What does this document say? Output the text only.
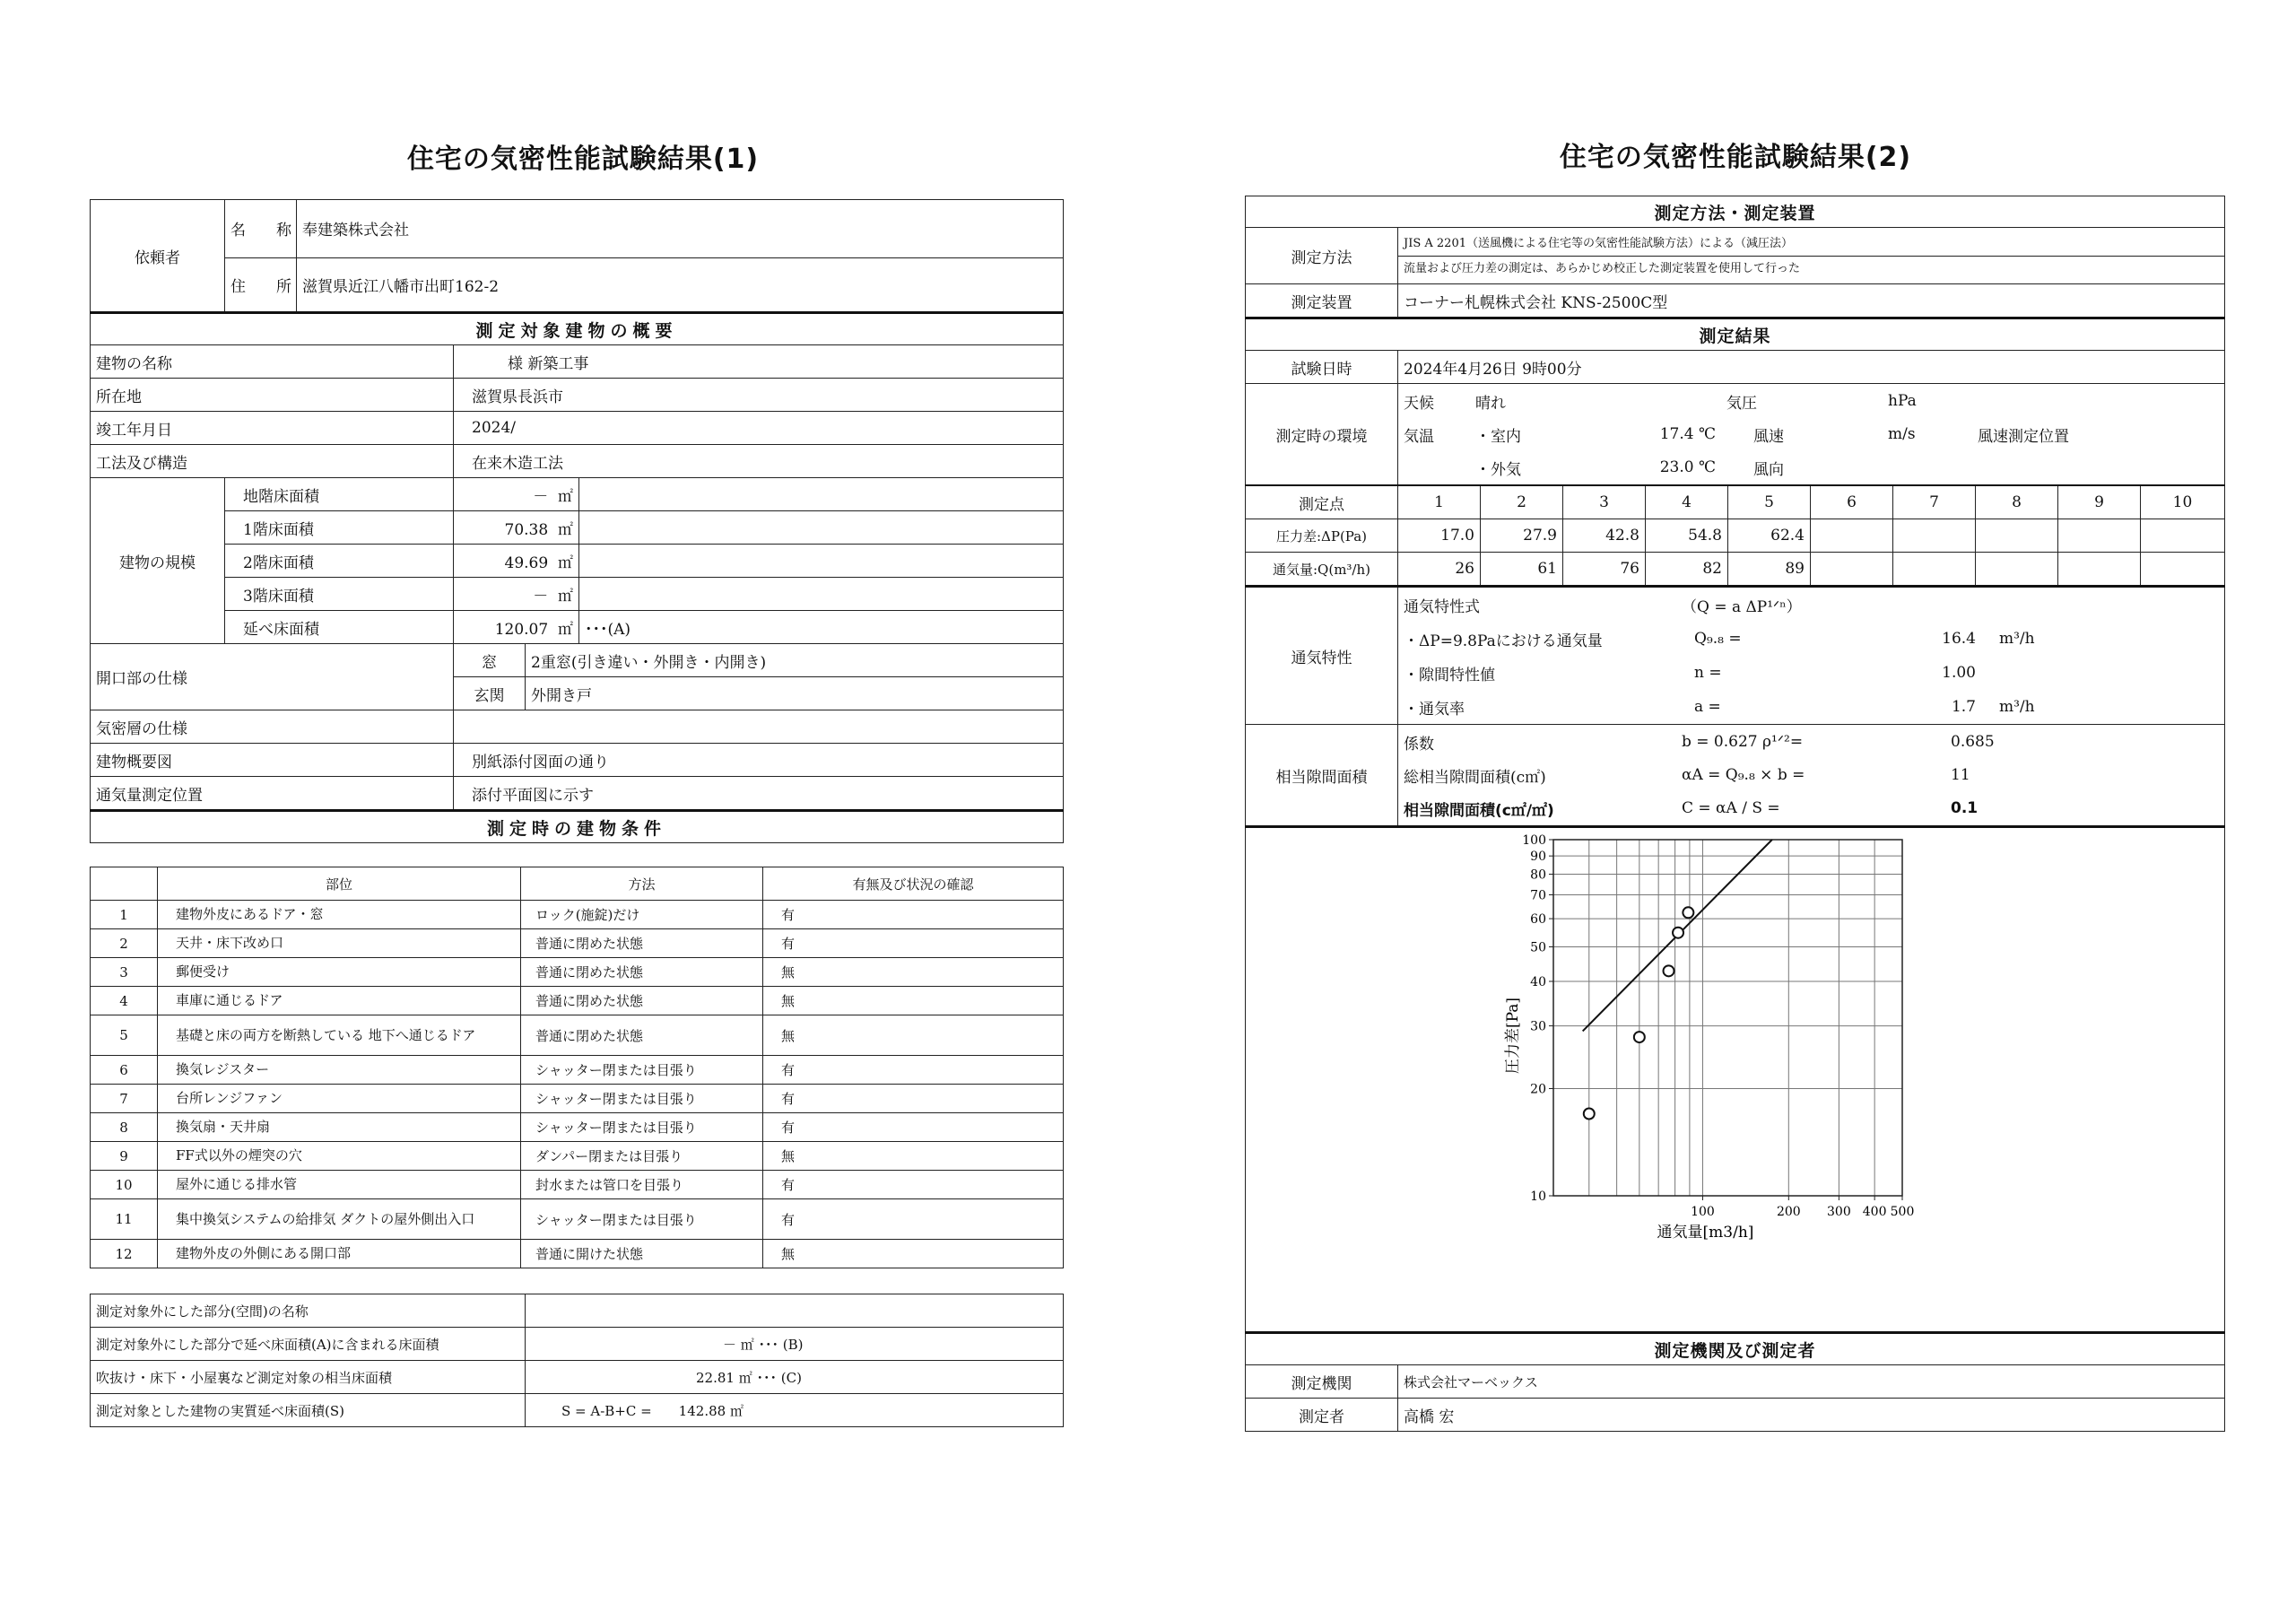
住宅の気密性能試験結果(1)
依頼者	名　　称	奉建築株式会社			
	住　　所	滋賀県近江八幡市出町162-2			
測定対象建物の概要					
建物の名称			様 新築工事		
所在地			滋賀県長浜市		
竣工年月日			2024/		
工法及び構造			在来木造工法		
建物の規模	地階床面積		－ ㎡		
	1階床面積		70.38 ㎡		
	2階床面積		49.69 ㎡		
	3階床面積		－ ㎡		
	延べ床面積		120.07 ㎡		･･･(A)
開口部の仕様			窓	2重窓(引き違い・外開き・内開き)	
			玄関	外開き戸	
気密層の仕様					
建物概要図			別紙添付図面の通り		
通気量測定位置			添付平面図に示す		
測定時の建物条件					
	部位	方法	有無及び状況の確認
1	建物外皮にあるドア・窓	ロック(施錠)だけ	有
2	天井・床下改め口	普通に閉めた状態	有
3	郵便受け	普通に閉めた状態	無
4	車庫に通じるドア	普通に閉めた状態	無
5	基礎と床の両方を断熱している 地下へ通じるドア	普通に閉めた状態	無
6	換気レジスター	シャッター閉または目張り	有
7	台所レンジファン	シャッター閉または目張り	有
8	換気扇・天井扇	シャッター閉または目張り	有
9	FF式以外の煙突の穴	ダンパー閉または目張り	無
10	屋外に通じる排水管	封水または管口を目張り	有
11	集中換気システムの給排気 ダクトの屋外側出入口	シャッター閉または目張り	有
12	建物外皮の外側にある開口部	普通に開けた状態	無
測定対象外にした部分(空間)の名称	
測定対象外にした部分で延べ床面積(A)に含まれる床面積	－ ㎡ ･･･ (B)
吹抜け・床下・小屋裏など測定対象の相当床面積	22.81 ㎡ ･･･ (C)
測定対象とした建物の実質延べ床面積(S)	S = A-B+C =　　142.88 ㎡
住宅の気密性能試験結果(2)
測定方法・測定装置
測定方法	
JIS A 2201（送風機による住宅等の気密性能試験方法）による（減圧法）
流量および圧力差の測定は、あらかじめ校正した測定装置を使用して行った

測定装置	コーナー札幌株式会社 KNS-2500C型
測定結果
試験日時	2024年4月26日 9時00分
測定時の環境	
天候	晴れ		気圧	hPa	
気温	・室内	17.4 ℃	風速	m/s	風速測定位置
	・外気	23.0 ℃	風向		

測定点	1	2	3	4	5	6	7	8	9	10
圧力差:ΔP(Pa)	17.0	27.9	42.8	54.8	62.4					
通気量:Q(m³/h)	26	61	76	82	89					
通気特性	
通気特性式	（Q = a ΔP¹ᐟⁿ）		
・ΔP=9.8Paにおける通気量	Q₉.₈ =	16.4	m³/h
・隙間特性値	n =	1.00	
・通気率	a =	1.7	m³/h

相当隙間面積	
係数	b = 0.627 ρ¹ᐟ²=	0.685
総相当隙間面積(c㎡)	αA = Q₉.₈ × b =	11
相当隙間面積(c㎡/㎡)	C = αA / S =	0.1

100
90
80
70
60
50
40
30
20
10
100	200 300 400 500
通気量[m3/h]
圧力差[Pa]

測定機関及び測定者
測定機関	株式会社マーベックス
測定者	高橋 宏
